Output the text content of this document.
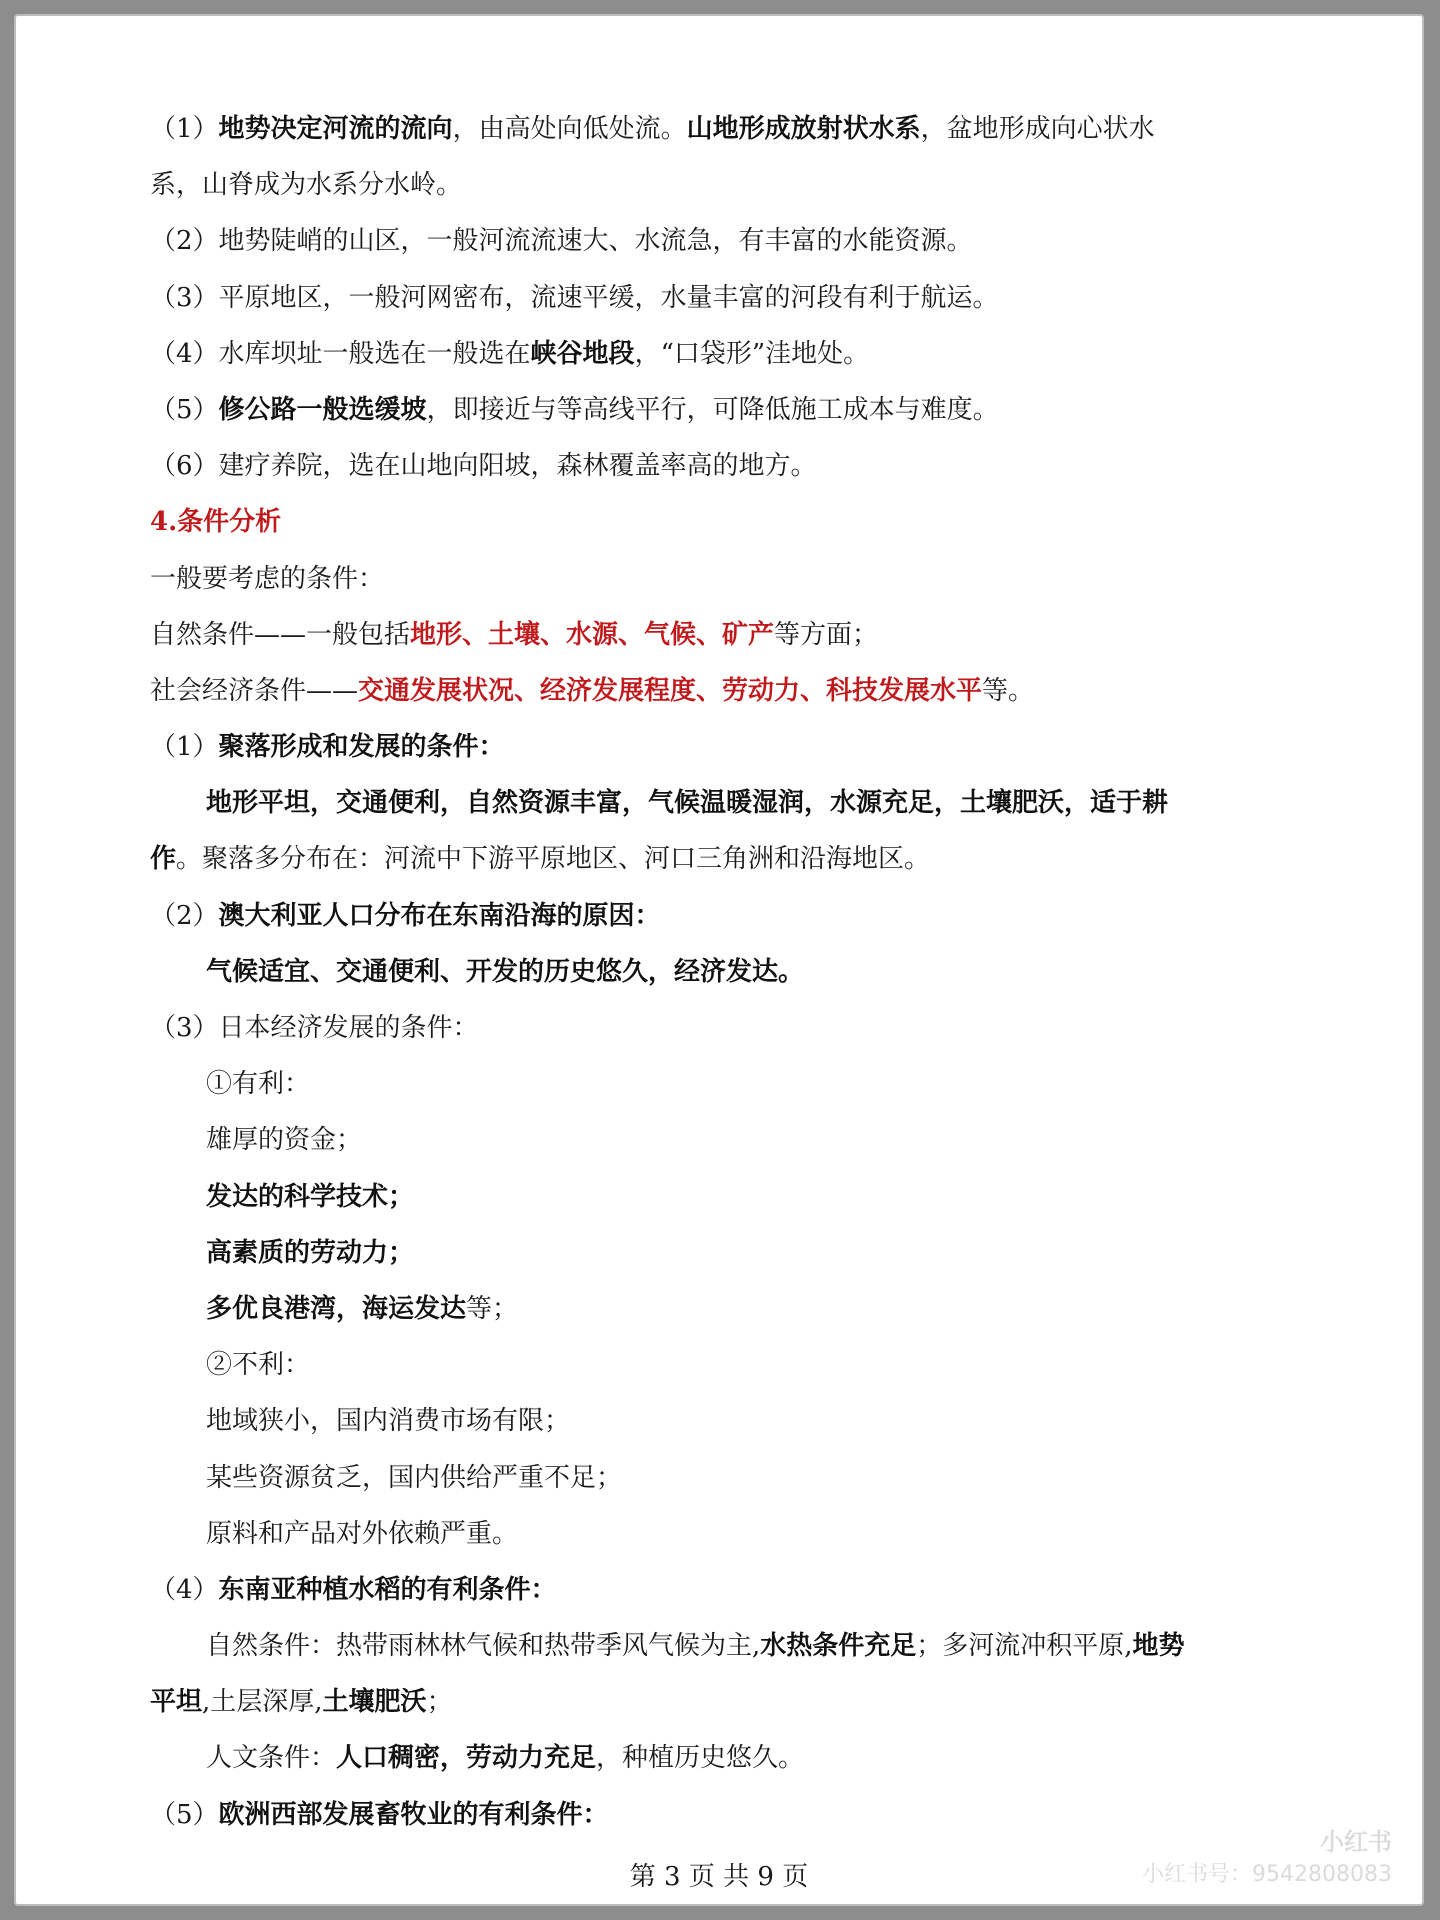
（1）地势决定河流的流向，由高处向低处流。山地形成放射状水系，盆地形成向心状水
系，山脊成为水系分水岭。
（2）地势陡峭的山区，一般河流流速大、水流急，有丰富的水能资源。
（3）平原地区，一般河网密布，流速平缓，水量丰富的河段有利于航运。
（4）水库坝址一般选在一般选在峡谷地段，“口袋形”洼地处。
（5）修公路一般选缓坡，即接近与等高线平行，可降低施工成本与难度。
（6）建疗养院，选在山地向阳坡，森林覆盖率高的地方。
4.条件分析
一般要考虑的条件：
自然条件——一般包括地形、土壤、水源、气候、矿产等方面；
社会经济条件——交通发展状况、经济发展程度、劳动力、科技发展水平等。
（1）聚落形成和发展的条件：
地形平坦，交通便利，自然资源丰富，气候温暖湿润，水源充足，土壤肥沃，适于耕
作。聚落多分布在：河流中下游平原地区、河口三角洲和沿海地区。
（2）澳大利亚人口分布在东南沿海的原因：
气候适宜、交通便利、开发的历史悠久，经济发达。
（3）日本经济发展的条件：
①有利：
雄厚的资金；
发达的科学技术；
高素质的劳动力；
多优良港湾，海运发达等；
②不利：
地域狭小，国内消费市场有限；
某些资源贫乏，国内供给严重不足；
原料和产品对外依赖严重。
（4）东南亚种植水稻的有利条件：
自然条件：热带雨林林气候和热带季风气候为主,水热条件充足；多河流冲积平原,地势
平坦,土层深厚,土壤肥沃；
人文条件：人口稠密，劳动力充足，种植历史悠久。
（5）欧洲西部发展畜牧业的有利条件：
第 3 页 共 9 页
小红书
小红书号：9542808083
